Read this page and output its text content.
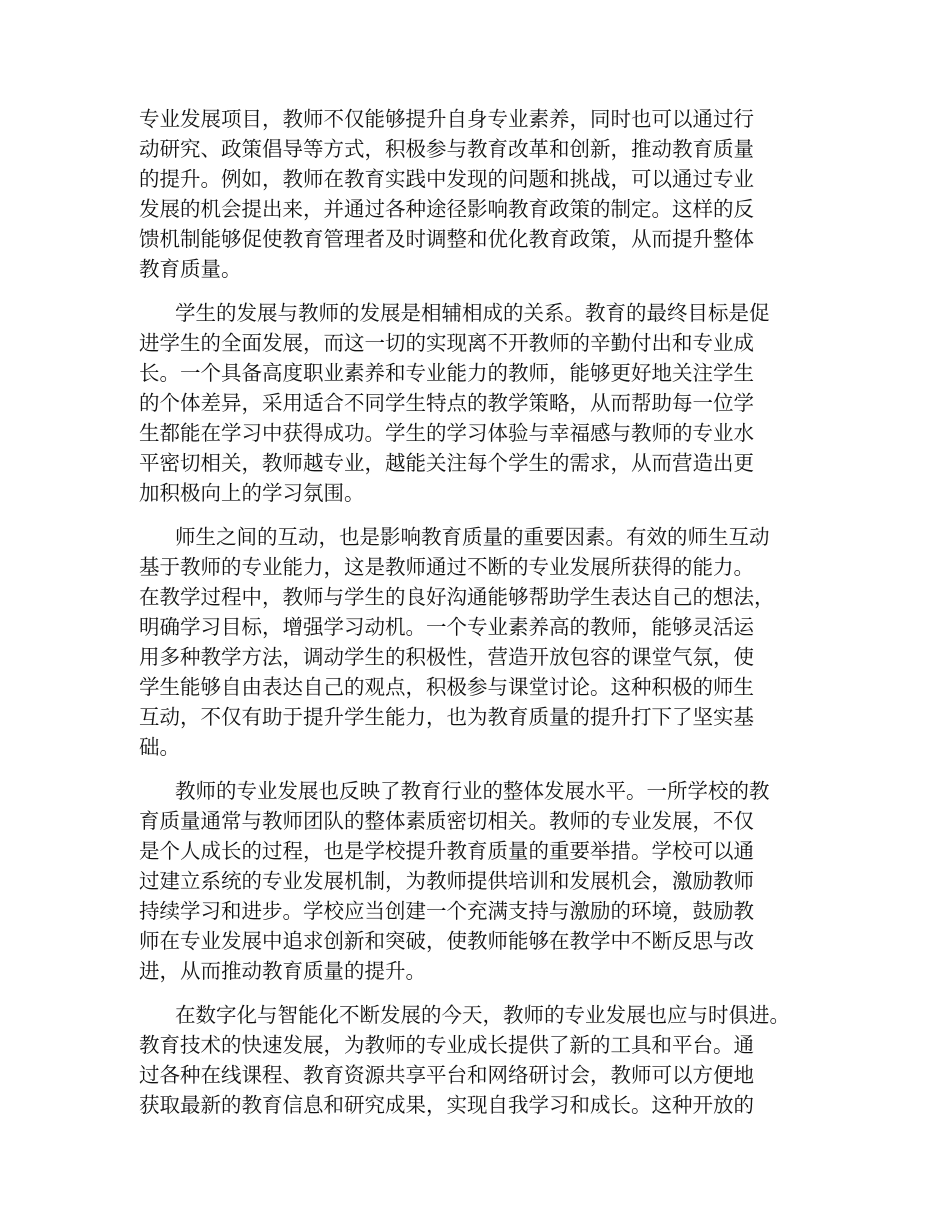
专业发展项目，教师不仅能够提升自身专业素养，同时也可以通过行
动研究、政策倡导等方式，积极参与教育改革和创新，推动教育质量
的提升。例如，教师在教育实践中发现的问题和挑战，可以通过专业
发展的机会提出来，并通过各种途径影响教育政策的制定。这样的反
馈机制能够促使教育管理者及时调整和优化教育政策，从而提升整体
教育质量。
学生的发展与教师的发展是相辅相成的关系。教育的最终目标是促
进学生的全面发展，而这一切的实现离不开教师的辛勤付出和专业成
长。一个具备高度职业素养和专业能力的教师，能够更好地关注学生
的个体差异，采用适合不同学生特点的教学策略，从而帮助每一位学
生都能在学习中获得成功。学生的学习体验与幸福感与教师的专业水
平密切相关，教师越专业，越能关注每个学生的需求，从而营造出更
加积极向上的学习氛围。
师生之间的互动，也是影响教育质量的重要因素。有效的师生互动
基于教师的专业能力，这是教师通过不断的专业发展所获得的能力。
在教学过程中，教师与学生的良好沟通能够帮助学生表达自己的想法，
明确学习目标，增强学习动机。一个专业素养高的教师，能够灵活运
用多种教学方法，调动学生的积极性，营造开放包容的课堂气氛，使
学生能够自由表达自己的观点，积极参与课堂讨论。这种积极的师生
互动，不仅有助于提升学生能力，也为教育质量的提升打下了坚实基
础。
教师的专业发展也反映了教育行业的整体发展水平。一所学校的教
育质量通常与教师团队的整体素质密切相关。教师的专业发展，不仅
是个人成长的过程，也是学校提升教育质量的重要举措。学校可以通
过建立系统的专业发展机制，为教师提供培训和发展机会，激励教师
持续学习和进步。学校应当创建一个充满支持与激励的环境，鼓励教
师在专业发展中追求创新和突破，使教师能够在教学中不断反思与改
进，从而推动教育质量的提升。
在数字化与智能化不断发展的今天，教师的专业发展也应与时俱进。
教育技术的快速发展，为教师的专业成长提供了新的工具和平台。通
过各种在线课程、教育资源共享平台和网络研讨会，教师可以方便地
获取最新的教育信息和研究成果，实现自我学习和成长。这种开放的
